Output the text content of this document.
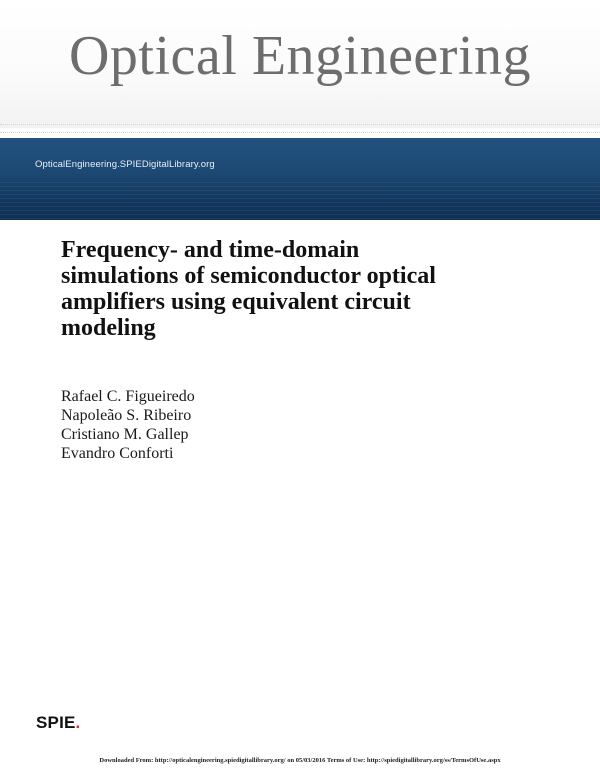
Optical Engineering
OpticalEngineering.SPIEDigitalLibrary.org
Frequency- and time-domain
simulations of semiconductor optical
amplifiers using equivalent circuit
modeling
Rafael C. Figueiredo
Napoleão S. Ribeiro
Cristiano M. Gallep
Evandro Conforti
SPIE.
Downloaded From: http://opticalengineering.spiedigitallibrary.org/ on 05/03/2016 Terms of Use: http://spiedigitallibrary.org/ss/TermsOfUse.aspx
